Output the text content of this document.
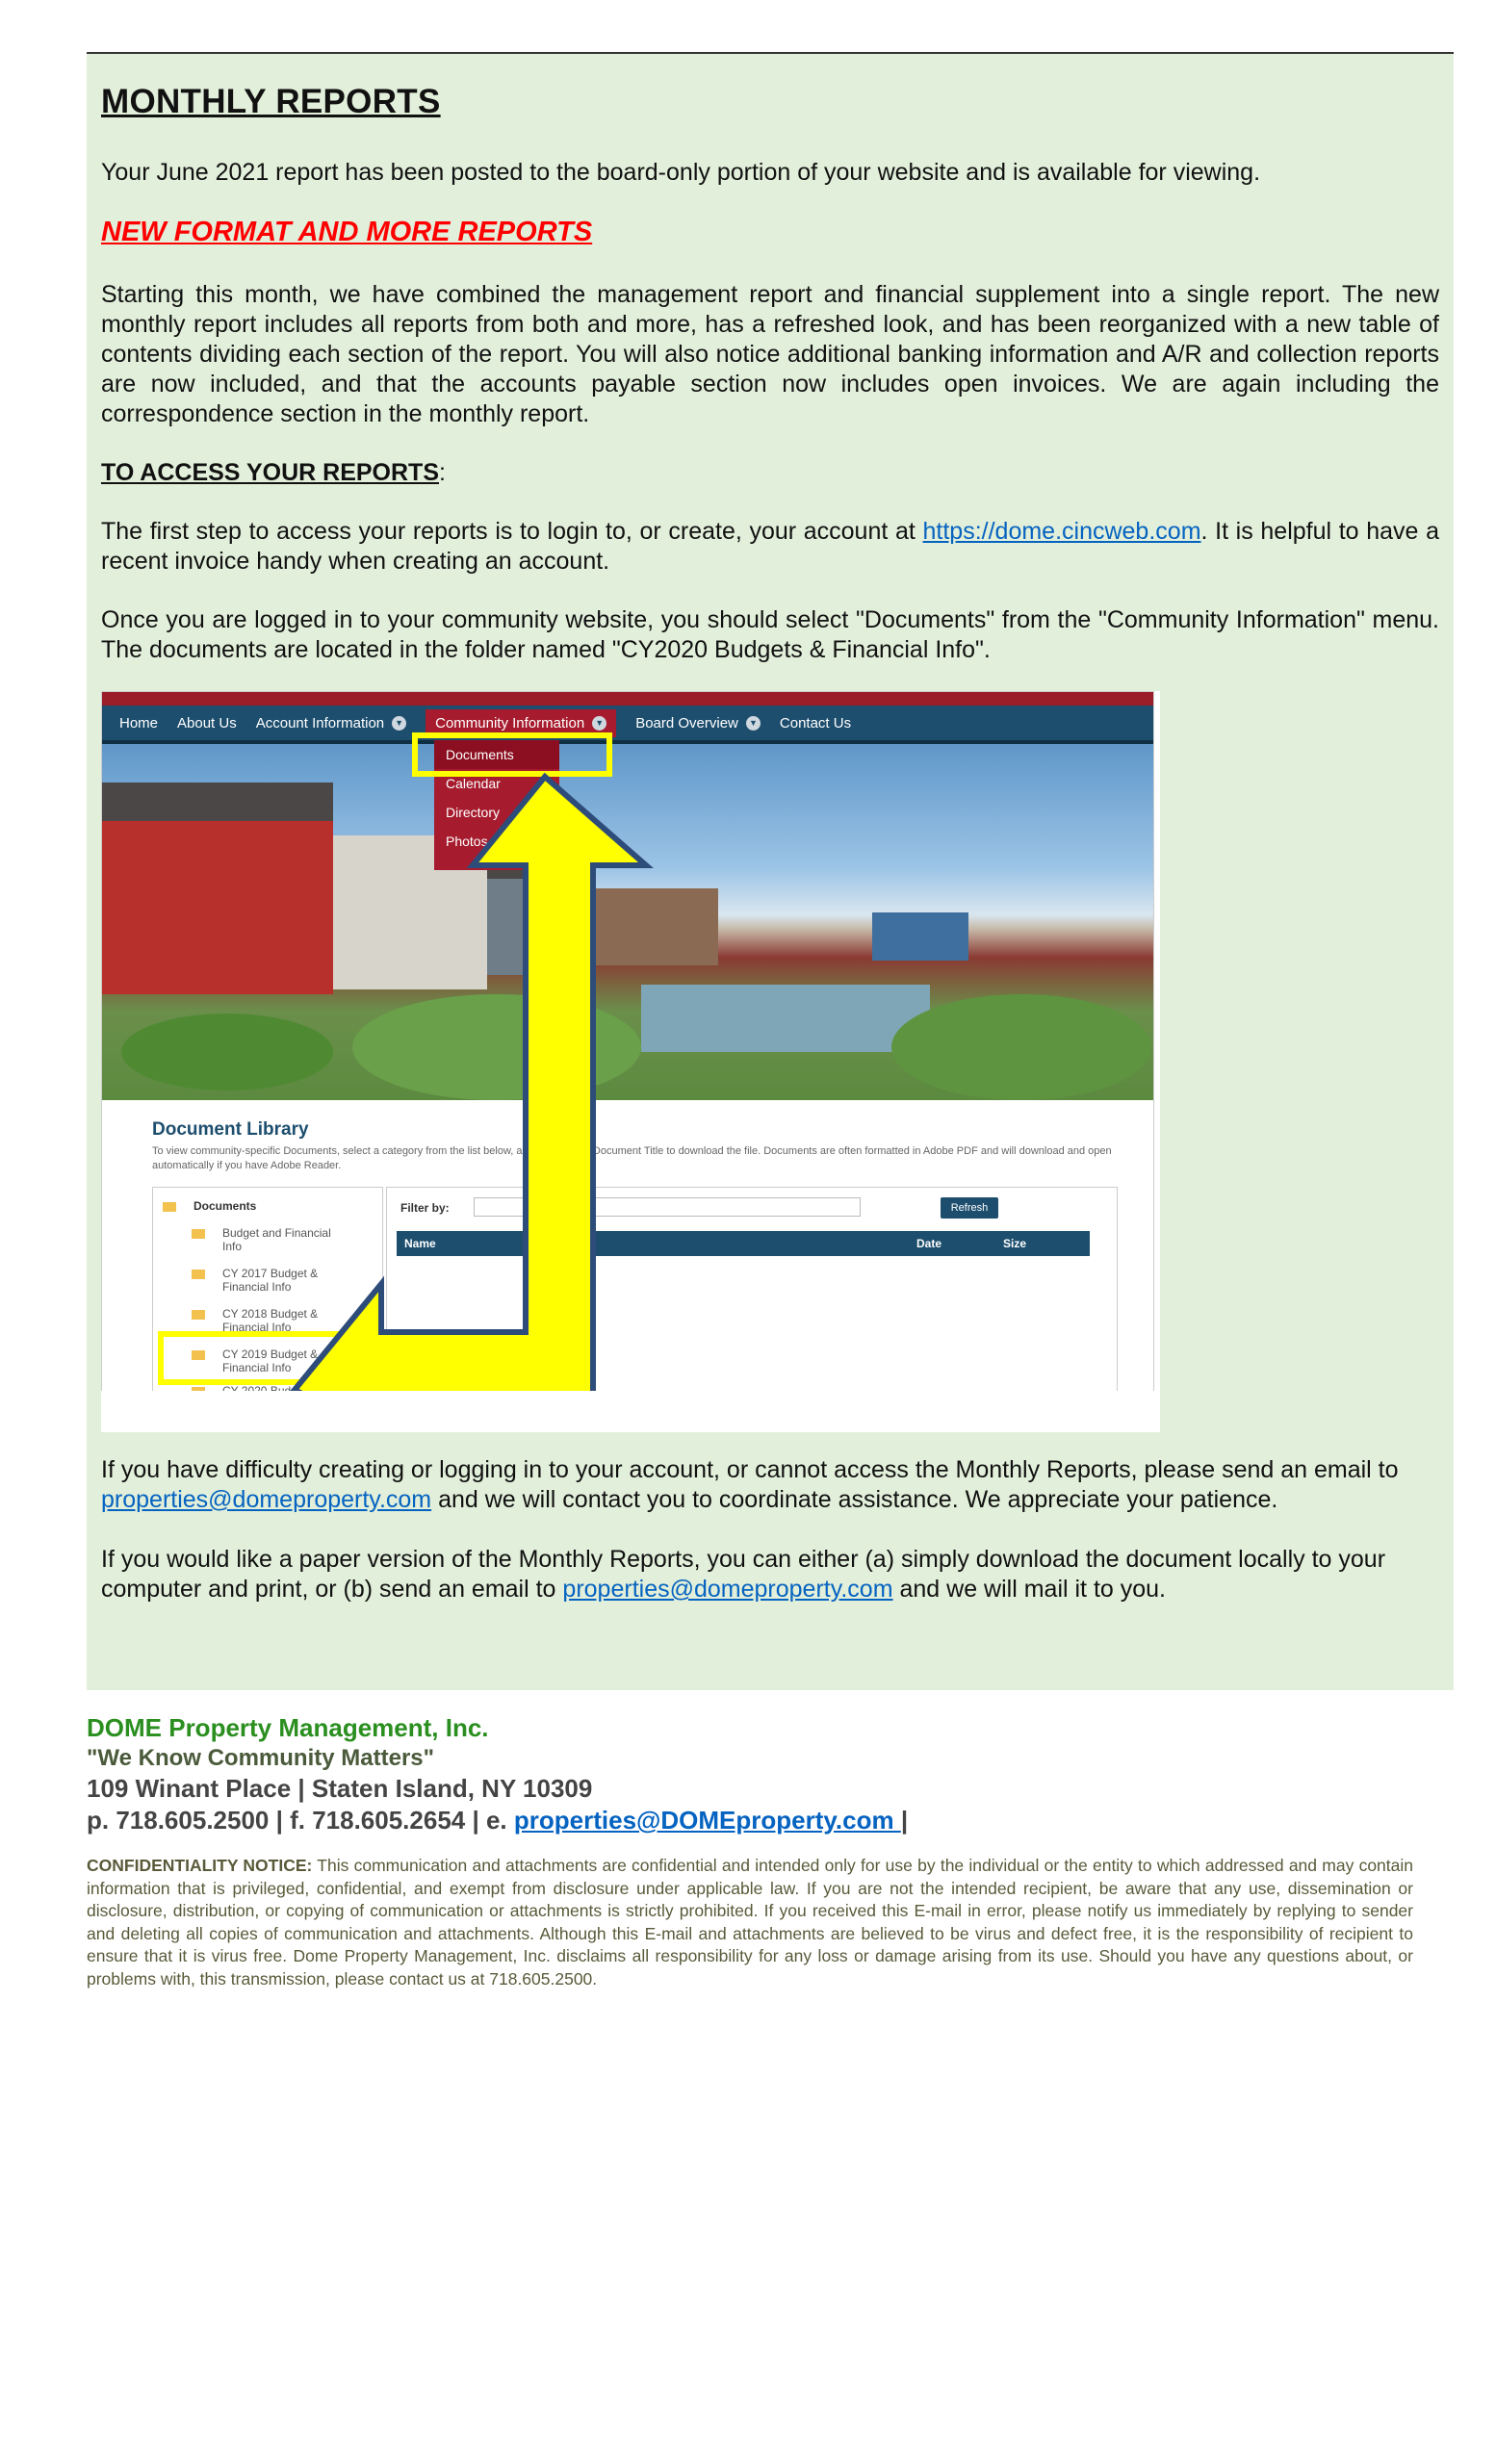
MONTHLY REPORTS

Your June 2021 report has been posted to the board-only portion of your website and is available for viewing.

NEW FORMAT AND MORE REPORTS

Starting this month, we have combined the management report and financial supplement into a single report. The new monthly report includes all reports from both and more, has a refreshed look, and has been reorganized with a new table of contents dividing each section of the report. You will also notice additional banking information and A/R and collection reports are now included, and that the accounts payable section now includes open invoices. We are again including the correspondence section in the monthly report.

TO ACCESS YOUR REPORTS:

The first step to access your reports is to login to, or create, your account at https://dome.cincweb.com. It is helpful to have a recent invoice handy when creating an account.

Once you are logged in to your community website, you should select "Documents" from the "Community Information" menu. The documents are located in the folder named "CY2020 Budgets & Financial Info".

Home About Us Account Information	▼ Community Information	▼ Board Overview	▼ Contact Us
Documents
Calendar
Directory
Photos
Document Library
To view community-specific Documents, select a category from the list below, and click on the Document Title to download the file. Documents are often formatted in Adobe PDF and will download and open automatically if you have Adobe Reader.
Documents
Budget and Financial Info
CY 2017 Budget & Financial Info
CY 2018 Budget & Financial Info
CY 2019 Budget & Financial Info
Filter by:	Refresh
Name	Date	Size

If you have difficulty creating or logging in to your account, or cannot access the Monthly Reports, please send an email to properties@domeproperty.com and we will contact you to coordinate assistance. We appreciate your patience.

If you would like a paper version of the Monthly Reports, you can either (a) simply download the document locally to your computer and print, or (b) send an email to properties@domeproperty.com and we will mail it to you.

DOME Property Management, Inc.
"We Know Community Matters"
109 Winant Place | Staten Island, NY 10309
p. 718.605.2500 | f. 718.605.2654 | e. properties@DOMEproperty.com |
CONFIDENTIALITY NOTICE: This communication and attachments are confidential and intended only for use by the individual or the entity to which addressed and may contain information that is privileged, confidential, and exempt from disclosure under applicable law. If you are not the intended recipient, be aware that any use, dissemination or disclosure, distribution, or copying of communication or attachments is strictly prohibited. If you received this E-mail in error, please notify us immediately by replying to sender and deleting all copies of communication and attachments. Although this E-mail and attachments are believed to be virus and defect free, it is the responsibility of recipient to ensure that it is virus free. Dome Property Management, Inc. disclaims all responsibility for any loss or damage arising from its use. Should you have any questions about, or problems with, this transmission, please contact us at 718.605.2500.
